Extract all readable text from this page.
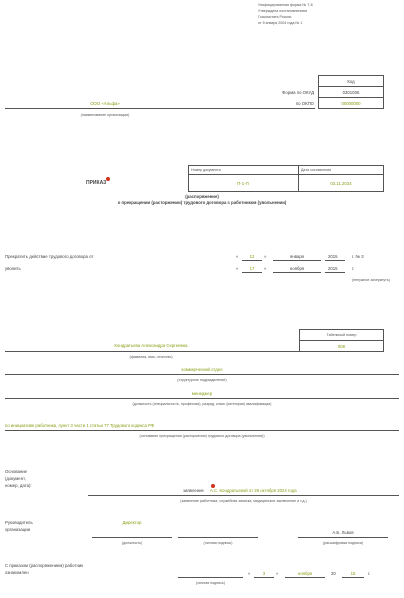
Унифицированная форма № Т-8
Утверждена постановлением
Госкомстата России
от 5 января 2004 года № 1
Код
Форма по ОКУД	0301006
по ОКПО	00000000
ООО «Альфа»
(наименование организации)
Номер документа	Дата составления
П-1-П	03.11.2024
ПРИКАЗ
(распоряжение)
о прекращении (расторжении) трудового договора с работником (увольнении)
Прекратить действие трудового договора от	«	12	»	января	2015	г. № 3
уволить	«	17	»	ноября	2015	г.
(ненужное зачеркнуть)
Табельный номер
008
Кондратьева Александра Сергеевна
(фамилия, имя, отчество)
коммерческий отдел
(структурное подразделение)
менеджер
(должность (специальность, профессия), разряд, класс (категория) квалификации)
по инициативе работника, пункт 3 части 1 статьи 77 Трудового кодекса РФ
(основание прекращения (расторжения) трудового договора (увольнения))
Основание
(документ,
номер, дата):
заявление А.С. Кондратьевой от 28 октября 2024 года
(заявление работника, служебная записка, медицинское заключение и т.д.)
Руководитель
организации
Директор
А.Б. Львов
(должность)	(личная подпись)	(расшифровка подписи)
С приказом (распоряжением) работник
ознакомлен
(личная подпись)
«	3	»	ноября	20	15	г.
